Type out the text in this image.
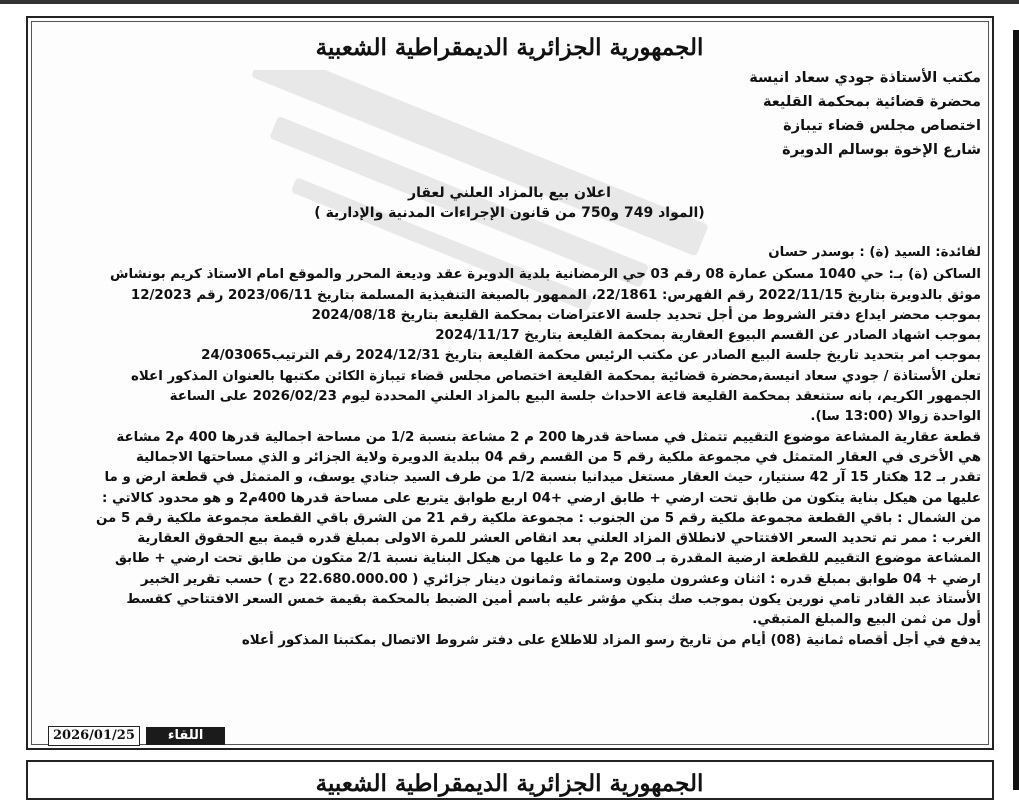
الجمهورية الجزائرية الديمقراطية الشعبية
مكتب الأستاذة جودي سعاد انيسة
محضرة قضائية بمحكمة القليعة
اختصاص مجلس قضاء تيبازة
شارع الإخوة بوسالم الدويرة
اعلان بيع بالمزاد العلني لعقار
(المواد 749 و750 من قانون الإجراءات المدنية والإدارية )

لفائدة: السيد (ة) : بوسدر حسان

الساكن (ة) بـ: حي 1040 مسكن عمارة 08 رقم 03 حي الرمضانية بلدية الدويرة عقد وديعة المحرر والموقع امام الاستاذ كريم بونشاش

موثق بالدويرة بتاريخ 2022/11/15 رقم الفهرس: 22/1861، الممهور بالصيغة التنفيذية المسلمة بتاريخ 2023/06/11 رقم 12/2023

بموجب محضر ايداع دفتر الشروط من أجل تحديد جلسة الاعتراضات بمحكمة القليعة بتاريخ 2024/08/18

بموجب اشهاد الصادر عن القسم البيوع العقارية بمحكمة القليعة بتاريخ 2024/11/17

بموجب امر بتحديد تاريخ جلسة البيع الصادر عن مكتب الرئيس محكمة القليعة بتاريخ 2024/12/31 رقم الترتيب24/03065

تعلن الأستاذة / جودي سعاد انيسة,محضرة قضائية بمحكمة القليعة اختصاص مجلس قضاء تيبازة الكائن مكتبها بالعنوان المذكور اعلاه

الجمهور الكريم، بانه ستنعقد بمحكمة القليعة قاعة الاحداث جلسة البيع بالمزاد العلني المحددة ليوم 2026/02/23 على الساعة

الواحدة زوالا (13:00 سا).

قطعة عقارية المشاعة موضوع التقييم تتمثل في مساحة قدرها 200 م 2 مشاعة بنسبة 1/2 من مساحة اجمالية قدرها 400 م2 مشاعة

هي الأخرى في العقار المتمثل في مجموعة ملكية رقم 5 من القسم رقم 04 ببلدية الدويرة ولاية الجزائر و الذي مساحتها الاجمالية

تقدر بـ 12 هكتار 15 آر 42 سنتيار، حيث العقار مستغل ميدانيا بنسبة 1/2 من طرف السيد جنادي يوسف، و المتمثل في قطعة ارض و ما

عليها من هيكل بناية يتكون من طابق تحت ارضي + طابق ارضي +04 اربع طوابق يتربع على مساحة قدرها 400م2 و هو محدود كالاتي :

من الشمال : باقي القطعة مجموعة ملكية رقم 5 من الجنوب : مجموعة ملكية رقم 21 من الشرق باقي القطعة مجموعة ملكية رقم 5 من

الغرب : ممر تم تحديد السعر الافتتاحي لانطلاق المزاد العلني بعد انقاص العشر للمرة الاولى بمبلغ قدره قيمة بيع الحقوق العقارية

المشاعة موضوع التقييم للقطعة ارضية المقدرة بـ 200 م2 و ما عليها من هيكل البناية نسبة 2/1 متكون من طابق تحت ارضي + طابق

ارضي + 04 طوابق بمبلغ قدره : اثنان وعشرون مليون وستمائة وثمانون دينار جزائري ( 22.680.000.00 دج ) حسب تقرير الخبير

الأستاذ عبد القادر تامي نورين يكون بموجب صك بنكي مؤشر عليه باسم أمين الضبط بالمحكمة بقيمة خمس السعر الافتتاحي كقسط

أول من ثمن البيع والمبلغ المتبقي.

يدفع في أجل أقصاه ثمانية (08) أيام من تاريخ رسو المزاد للاطلاع على دفتر شروط الاتصال بمكتبنا المذكور أعلاه

2026/01/25	اللقاء
الجمهورية الجزائرية الديمقراطية الشعبية
